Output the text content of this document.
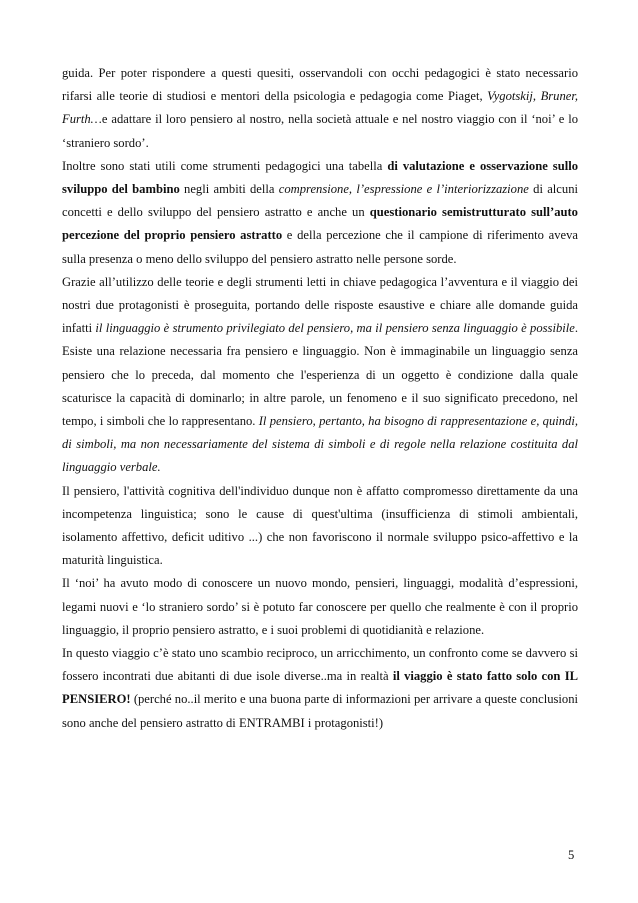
guida. Per poter rispondere a questi quesiti, osservandoli con occhi pedagogici è stato necessario rifarsi alle teorie di studiosi e mentori della psicologia e pedagogia come Piaget, Vygotskij, Bruner, Furth…e adattare il loro pensiero al nostro, nella società attuale e nel nostro viaggio con il ‘noi’ e lo ‘straniero sordo’.

Inoltre sono stati utili come strumenti pedagogici una tabella di valutazione e osservazione sullo sviluppo del bambino negli ambiti della comprensione, l’espressione e l’interiorizzazione di alcuni concetti e dello sviluppo del pensiero astratto e anche un questionario semistrutturato sull’auto percezione del proprio pensiero astratto e della percezione che il campione di riferimento aveva sulla presenza o meno dello sviluppo del pensiero astratto nelle persone sorde.

Grazie all’utilizzo delle teorie e degli strumenti letti in chiave pedagogica l’avventura e il viaggio dei nostri due protagonisti è proseguita, portando delle risposte esaustive e chiare alle domande guida infatti il linguaggio è strumento privilegiato del pensiero, ma il pensiero senza linguaggio è possibile. Esiste una relazione necessaria fra pensiero e linguaggio. Non è immaginabile un linguaggio senza pensiero che lo preceda, dal momento che l'esperienza di un oggetto è condizione dalla quale scaturisce la capacità di dominarlo; in altre parole, un fenomeno e il suo significato precedono, nel tempo, i simboli che lo rappresentano. Il pensiero, pertanto, ha bisogno di rappresentazione e, quindi, di simboli, ma non necessariamente del sistema di simboli e di regole nella relazione costituita dal linguaggio verbale.

Il pensiero, l'attività cognitiva dell'individuo dunque non è affatto compromesso direttamente da una incompetenza linguistica; sono le cause di quest'ultima (insufficienza di stimoli ambientali, isolamento affettivo, deficit uditivo ...) che non favoriscono il normale sviluppo psico-affettivo e la maturità linguistica.

Il ‘noi’ ha avuto modo di conoscere un nuovo mondo, pensieri, linguaggi, modalità d’espressioni, legami nuovi e ‘lo straniero sordo’ si è potuto far conoscere per quello che realmente è con il proprio linguaggio, il proprio pensiero astratto, e i suoi problemi di quotidianità e relazione.

In questo viaggio c’è stato uno scambio reciproco, un arricchimento, un confronto come se davvero si fossero incontrati due abitanti di due isole diverse..ma in realtà il viaggio è stato fatto solo con IL PENSIERO! (perché no..il merito e una buona parte di informazioni per arrivare a queste conclusioni sono anche del pensiero astratto di ENTRAMBI i protagonisti!)

5
